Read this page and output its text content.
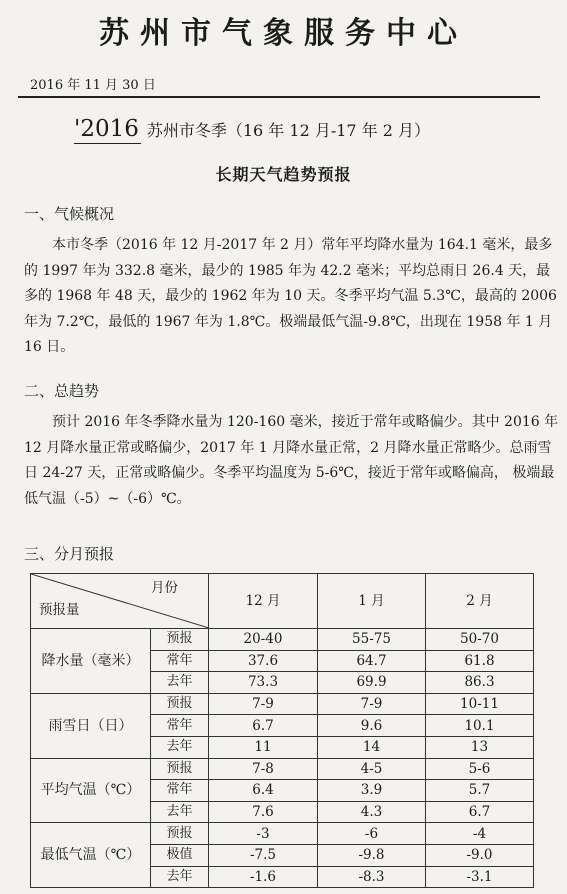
苏州市气象服务中心
2016 年 11 月 30 日
'2016 苏州市冬季（16 年 12 月-17 年 2 月）
长期天气趋势预报
一、气候概况

本市冬季（2016 年 12 月-2017 年 2 月）常年平均降水量为 164.1 毫米，最多的 1997 年为 332.8 毫米，最少的 1985 年为 42.2 毫米；平均总雨日 26.4 天，最多的 1968 年 48 天，最少的 1962 年为 10 天。冬季平均气温 5.3℃，最高的 2006 年为 7.2℃，最低的 1967 年为 1.8℃。极端最低气温-9.8℃，出现在 1958 年 1 月 16 日。

二、总趋势

预计 2016 年冬季降水量为 120-160 毫米，接近于常年或略偏少。其中 2016 年 12 月降水量正常或略偏少，2017 年 1 月降水量正常，2 月降水量正常略少。总雨雪日 24-27 天，正常或略偏少。冬季平均温度为 5-6℃，接近于常年或略偏高， 极端最低气温（-5）~（-6）℃。

三、分月预报
月份
预报量		12 月	1 月	2 月
降水量（毫米）	预报	20-40	55-75	50-70
	常年	37.6	64.7	61.8
	去年	73.3	69.9	86.3
雨雪日（日）	预报	7-9	7-9	10-11
	常年	6.7	9.6	10.1
	去年	11	14	13
平均气温（℃）	预报	7-8	4-5	5-6
	常年	6.4	3.9	5.7
	去年	7.6	4.3	6.7
最低气温（℃）	预报	-3	-6	-4
	极值	-7.5	-9.8	-9.0
	去年	-1.6	-8.3	-3.1
